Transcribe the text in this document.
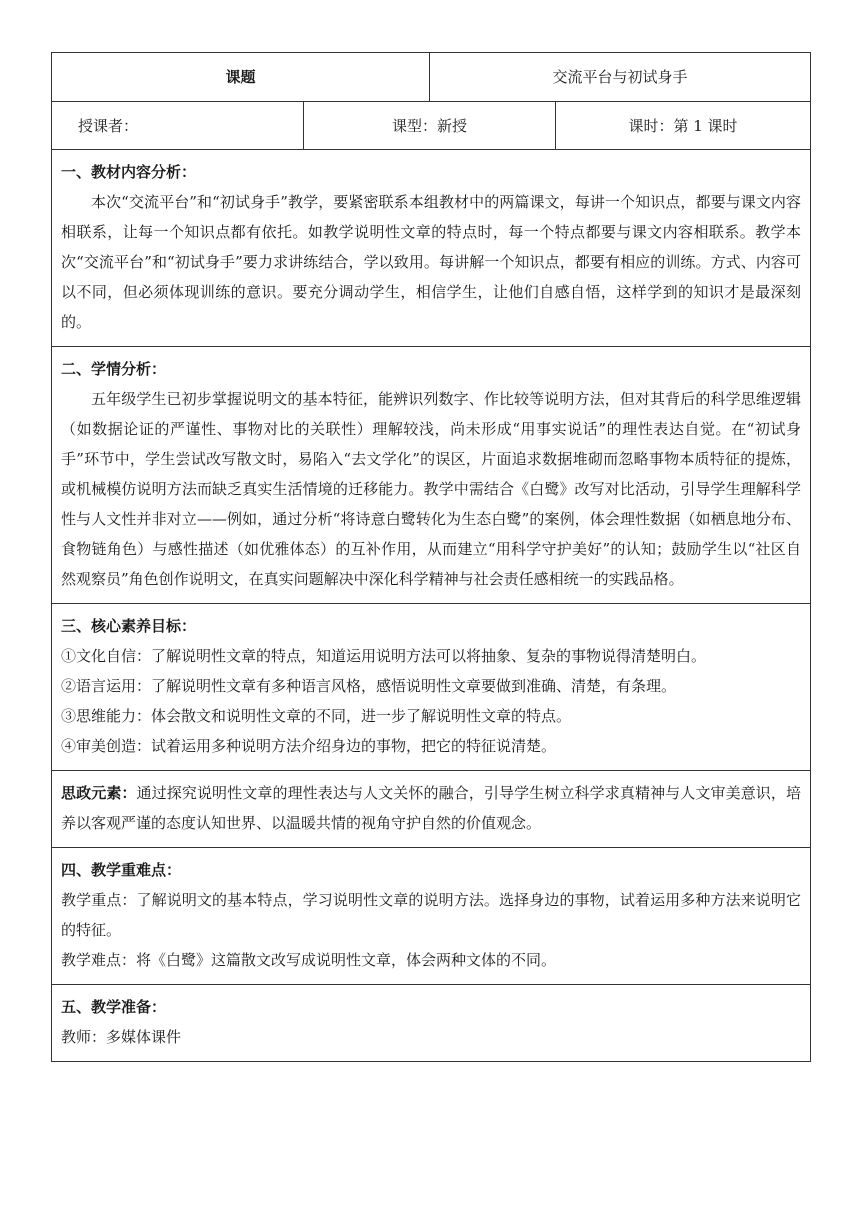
课题		交流平台与初试身手	
授课者：	课型：新授		课时：第 1 课时

一、教材内容分析：
本次“交流平台”和“初试身手”教学，要紧密联系本组教材中的两篇课文，每讲一个知识点，都要与课文内容相联系，让每一个知识点都有依托。如教学说明性文章的特点时，每一个特点都要与课文内容相联系。教学本次“交流平台”和“初试身手”要力求讲练结合，学以致用。每讲解一个知识点，都要有相应的训练。方式、内容可以不同，但必须体现训练的意识。要充分调动学生，相信学生，让他们自感自悟，这样学到的知识才是最深刻的。			

二、学情分析：
五年级学生已初步掌握说明文的基本特征，能辨识列数字、作比较等说明方法，但对其背后的科学思维逻辑（如数据论证的严谨性、事物对比的关联性）理解较浅，尚未形成“用事实说话”的理性表达自觉。在“初试身手”环节中，学生尝试改写散文时，易陷入“去文学化”的误区，片面追求数据堆砌而忽略事物本质特征的提炼，或机械模仿说明方法而缺乏真实生活情境的迁移能力。教学中需结合《白鹭》改写对比活动，引导学生理解科学性与人文性并非对立——例如，通过分析“将诗意白鹭转化为生态白鹭”的案例，体会理性数据（如栖息地分布、食物链角色）与感性描述（如优雅体态）的互补作用，从而建立“用科学守护美好”的认知；鼓励学生以“社区自然观察员”角色创作说明文，在真实问题解决中深化科学精神与社会责任感相统一的实践品格。			

三、核心素养目标：
①文化自信：了解说明性文章的特点，知道运用说明方法可以将抽象、复杂的事物说得清楚明白。
②语言运用：了解说明性文章有多种语言风格，感悟说明性文章要做到准确、清楚，有条理。
③思维能力：体会散文和说明性文章的不同，进一步了解说明性文章的特点。
④审美创造：试着运用多种说明方法介绍身边的事物，把它的特征说清楚。			

思政元素：通过探究说明性文章的理性表达与人文关怀的融合，引导学生树立科学求真精神与人文审美意识，培养以客观严谨的态度认知世界、以温暖共情的视角守护自然的价值观念。			

四、教学重难点：
教学重点：了解说明文的基本特点，学习说明性文章的说明方法。选择身边的事物，试着运用多种方法来说明它的特征。
教学难点：将《白鹭》这篇散文改写成说明性文章，体会两种文体的不同。			

五、教学准备：
教师：多媒体课件			
